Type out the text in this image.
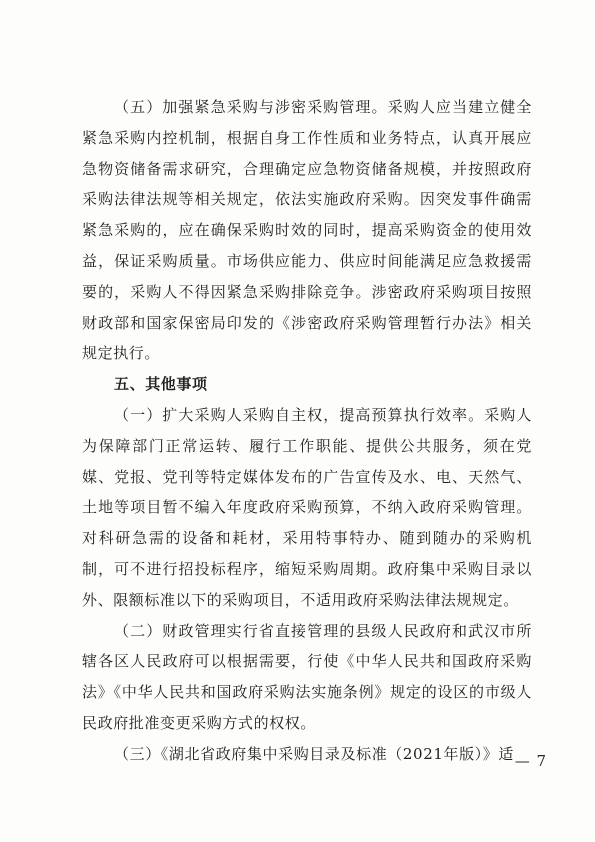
（五）加强紧急采购与涉密采购管理。采购人应当建立健全紧急采购内控机制，根据自身工作性质和业务特点，认真开展应急物资储备需求研究，合理确定应急物资储备规模，并按照政府采购法律法规等相关规定，依法实施政府采购。因突发事件确需紧急采购的，应在确保采购时效的同时，提高采购资金的使用效益，保证采购质量。市场供应能力、供应时间能满足应急救援需要的，采购人不得因紧急采购排除竞争。涉密政府采购项目按照财政部和国家保密局印发的《涉密政府采购管理暂行办法》相关规定执行。

五、其他事项

（一）扩大采购人采购自主权，提高预算执行效率。采购人为保障部门正常运转、履行工作职能、提供公共服务，须在党媒、党报、党刊等特定媒体发布的广告宣传及水、电、天然气、土地等项目暂不编入年度政府采购预算，不纳入政府采购管理。对科研急需的设备和耗材，采用特事特办、随到随办的采购机制，可不进行招投标程序，缩短采购周期。政府集中采购目录以外、限额标准以下的采购项目，不适用政府采购法律法规规定。

（二）财政管理实行省直接管理的县级人民政府和武汉市所辖各区人民政府可以根据需要，行使《中华人民共和国政府采购法》《中华人民共和国政府采购法实施条例》规定的设区的市级人民政府批准变更采购方式的权权。

（三）《湖北省政府集中采购目录及标准（2021年版）》适 — 7
